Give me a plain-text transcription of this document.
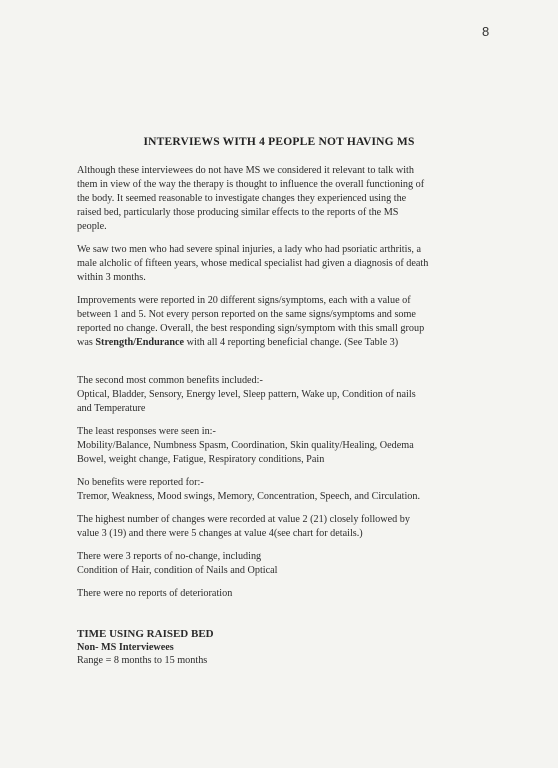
8
INTERVIEWS WITH 4 PEOPLE NOT HAVING MS

Although these interviewees do not have MS we considered it relevant to talk with
them in view of the way the therapy is thought to influence the overall functioning of
the body. It seemed reasonable to investigate changes they experienced using the
raised bed, particularly those producing similar effects to the reports of the MS
people.

We saw two men who had severe spinal injuries, a lady who had psoriatic arthritis, a
male alcholic of fifteen years, whose medical specialist had given a diagnosis of death
within 3 months.

Improvements were reported in 20 different signs/symptoms, each with a value of
between 1 and 5. Not every person reported on the same signs/symptoms and some
reported no change. Overall, the best responding sign/symptom with this small group
was Strength/Endurance with all 4 reporting beneficial change. (See Table 3)

The second most common benefits included:-
Optical, Bladder, Sensory, Energy level, Sleep pattern, Wake up, Condition of nails
and Temperature

The least responses were seen in:-
Mobility/Balance, Numbness Spasm, Coordination, Skin quality/Healing, Oedema
Bowel, weight change, Fatigue, Respiratory conditions, Pain

No benefits were reported for:-
Tremor, Weakness, Mood swings, Memory, Concentration, Speech, and Circulation.

The highest number of changes were recorded at value 2 (21) closely followed by
value 3 (19) and there were 5 changes at value 4(see chart for details.)

There were 3 reports of no-change, including
Condition of Hair, condition of Nails and Optical

There were no reports of deterioration

TIME USING RAISED BED
Non- MS Interviewees
Range = 8 months to 15 months
